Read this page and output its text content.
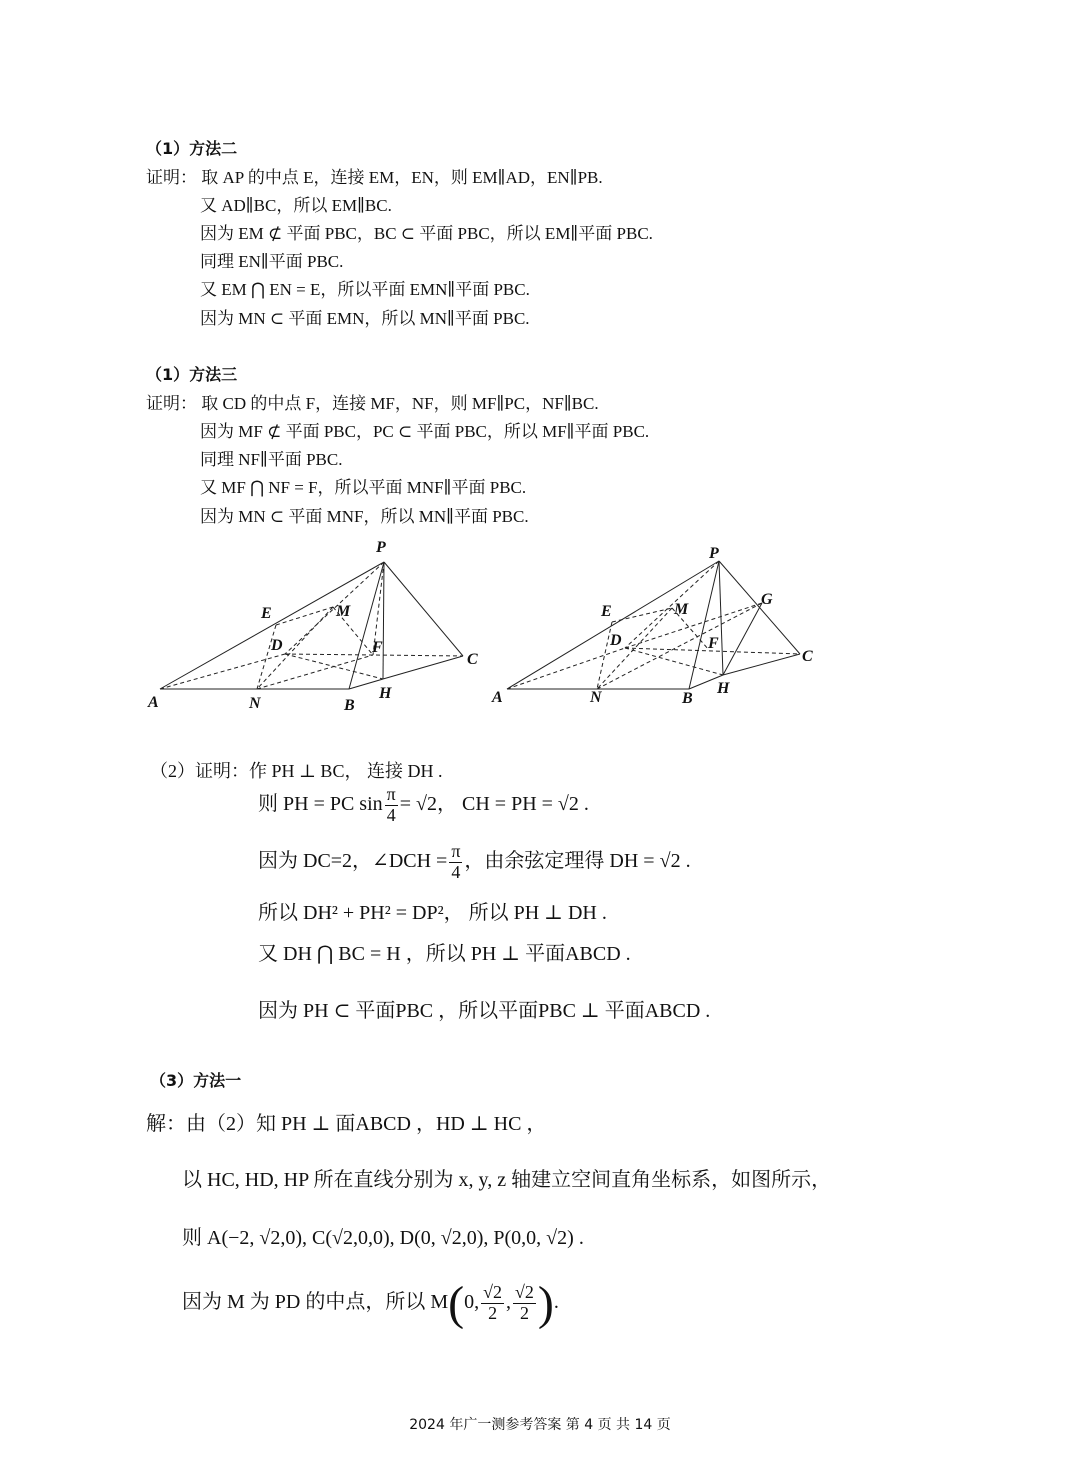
（1）方法二
证明： 取 AP 的中点 E，连接 EM，EN，则 EM∥AD，EN∥PB.
又 AD∥BC，所以 EM∥BC.
因为 EM ⊄ 平面 PBC，BC ⊂ 平面 PBC，所以 EM∥平面 PBC.
同理 EN∥平面 PBC.
又 EM ⋂ EN = E，所以平面 EMN∥平面 PBC.
因为 MN ⊂ 平面 EMN，所以 MN∥平面 PBC.
（1）方法三
证明： 取 CD 的中点 F，连接 MF，NF，则 MF∥PC，NF∥BC.
因为 MF ⊄ 平面 PBC，PC ⊂ 平面 PBC，所以 MF∥平面 PBC.
同理 NF∥平面 PBC.
又 MF ⋂ NF = F，所以平面 MNF∥平面 PBC.
因为 MN ⊂ 平面 MNF，所以 MN∥平面 PBC.
P
E	M
D	F
C
A	N	B
H
P
E	M
G
D	F
C
A	N	B
H
（2）证明：作 PH ⊥ BC， 连接 DH .
则 PH = PC $\sin \frac{\pi}{4} = √2$， CH = PH = √2 .
因为 DC=2，∠DCH = $\frac{\pi}{4}$ ，由余弦定理得 DH = √2 .
所以 DH² + PH² = DP²， 所以 PH ⊥ DH .
又 DH ⋂ BC = H ，所以 PH ⊥ 平面ABCD .
因为 PH ⊂ 平面PBC ，所以平面PBC ⊥ 平面ABCD .
（3）方法一
解：由（2）知 PH ⊥ 面ABCD ，HD ⊥ HC ，
以 HC, HD, HP 所在直线分别为 x, y, z 轴建立空间直角坐标系，如图所示，
则 A(−2, √2,0), C(√2,0,0), D(0, √2,0), P(0,0, √2) .
因为 M 为 PD 的中点，所以 M(0, $\frac{√2}{2}$ , $\frac{√2}{2}$ ).
2024 年广一测参考答案 第 4 页 共 14 页
